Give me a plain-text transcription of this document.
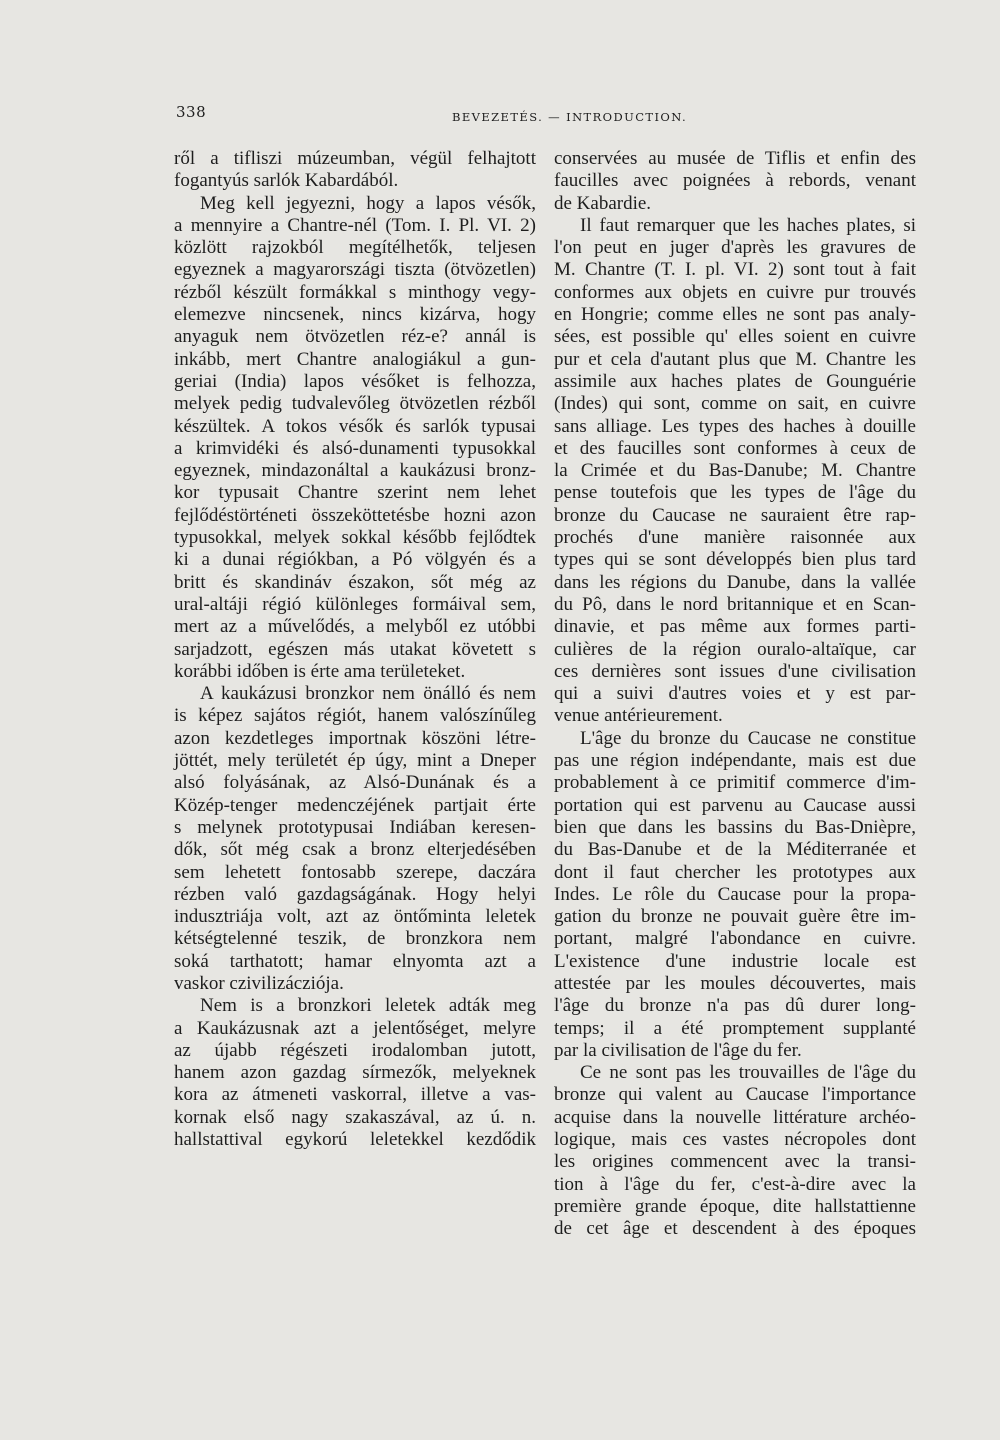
338	BEVEZETÉS. — INTRODUCTION.
ről a tifliszi múzeumban, végül felhajtott
fogantyús sarlók Kabardából.
Meg kell jegyezni, hogy a lapos vésők,
a mennyire a Chantre-nél (Tom. I. Pl. VI. 2)
közlött rajzokból megítélhetők, teljesen
egyeznek a magyarországi tiszta (ötvözetlen)
rézből készült formákkal s minthogy vegy-
elemezve nincsenek, nincs kizárva, hogy
anyaguk nem ötvözetlen réz-e? annál is
inkább, mert Chantre analogiákul a gun-
geriai (India) lapos vésőket is felhozza,
melyek pedig tudvalevőleg ötvözetlen rézből
készültek. A tokos vésők és sarlók typusai
a krimvidéki és alsó-dunamenti typusokkal
egyeznek, mindazonáltal a kaukázusi bronz-
kor typusait Chantre szerint nem lehet
fejlődéstörténeti összeköttetésbe hozni azon
typusokkal, melyek sokkal később fejlődtek
ki a dunai régiókban, a Pó völgyén és a
britt és skandináv északon, sőt még az
ural-altáji régió különleges formáival sem,
mert az a művelődés, a melyből ez utóbbi
sarjadzott, egészen más utakat követett s
korábbi időben is érte ama területeket.
A kaukázusi bronzkor nem önálló és nem
is képez sajátos régiót, hanem valószínűleg
azon kezdetleges importnak köszöni létre-
jöttét, mely területét ép úgy, mint a Dneper
alsó folyásának, az Alsó-Dunának és a
Közép-tenger medenczéjének partjait érte
s melynek prototypusai Indiában keresen-
dők, sőt még csak a bronz elterjedésében
sem lehetett fontosabb szerepe, daczára
rézben való gazdagságának. Hogy helyi
indusztriája volt, azt az öntőminta leletek
kétségtelenné teszik, de bronzkora nem
soká tarthatott; hamar elnyomta azt a
vaskor czivilizácziója.
Nem is a bronzkori leletek adták meg
a Kaukázusnak azt a jelentőséget, melyre
az újabb régészeti irodalomban jutott,
hanem azon gazdag sírmezők, melyeknek
kora az átmeneti vaskorral, illetve a vas-
kornak első nagy szakaszával, az ú. n.
hallstattival egykorú leletekkel kezdődik
conservées au musée de Tiflis et enfin des
faucilles avec poignées à rebords, venant
de Kabardie.
Il faut remarquer que les haches plates, si
l'on peut en juger d'après les gravures de
M. Chantre (T. I. pl. VI. 2) sont tout à fait
conformes aux objets en cuivre pur trouvés
en Hongrie; comme elles ne sont pas analy-
sées, est possible qu' elles soient en cuivre
pur et cela d'autant plus que M. Chantre les
assimile aux haches plates de Gounguérie
(Indes) qui sont, comme on sait, en cuivre
sans alliage. Les types des haches à douille
et des faucilles sont conformes à ceux de
la Crimée et du Bas-Danube; M. Chantre
pense toutefois que les types de l'âge du
bronze du Caucase ne sauraient être rap-
prochés d'une manière raisonnée aux
types qui se sont développés bien plus tard
dans les régions du Danube, dans la vallée
du Pô, dans le nord britannique et en Scan-
dinavie, et pas même aux formes parti-
culières de la région ouralo-altaïque, car
ces dernières sont issues d'une civilisation
qui a suivi d'autres voies et y est par-
venue antérieurement.
L'âge du bronze du Caucase ne constitue
pas une région indépendante, mais est due
probablement à ce primitif commerce d'im-
portation qui est parvenu au Caucase aussi
bien que dans les bassins du Bas-Dnièpre,
du Bas-Danube et de la Méditerranée et
dont il faut chercher les prototypes aux
Indes. Le rôle du Caucase pour la propa-
gation du bronze ne pouvait guère être im-
portant, malgré l'abondance en cuivre.
L'existence d'une industrie locale est
attestée par les moules découvertes, mais
l'âge du bronze n'a pas dû durer long-
temps; il a été promptement supplanté
par la civilisation de l'âge du fer.
Ce ne sont pas les trouvailles de l'âge du
bronze qui valent au Caucase l'importance
acquise dans la nouvelle littérature archéo-
logique, mais ces vastes nécropoles dont
les origines commencent avec la transi-
tion à l'âge du fer, c'est-à-dire avec la
première grande époque, dite hallstattienne
de cet âge et descendent à des époques
